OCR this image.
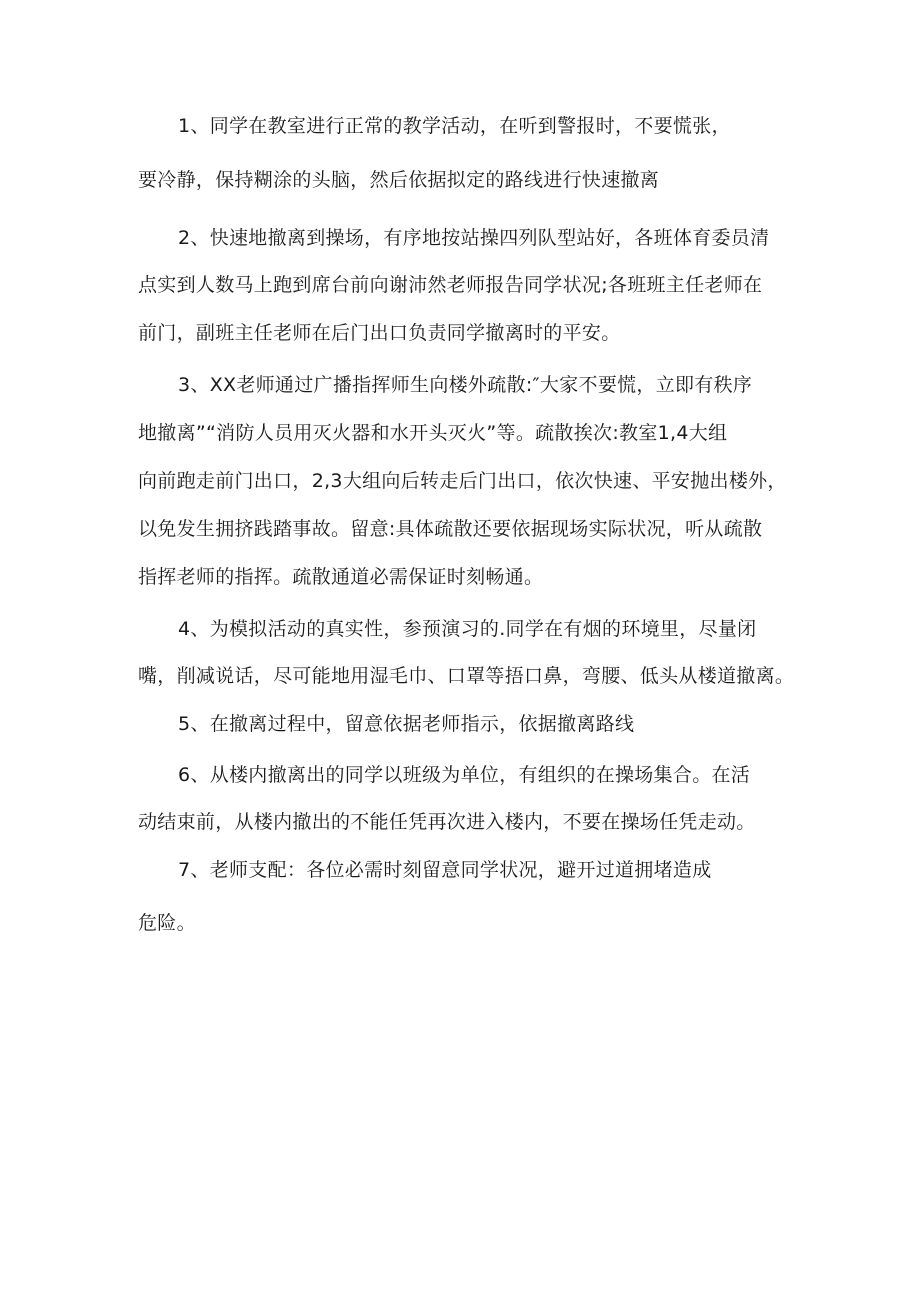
1、同学在教室进行正常的教学活动，在听到警报时，不要慌张，
要冷静，保持糊涂的头脑，然后依据拟定的路线进行快速撤离
2、快速地撤离到操场，有序地按站操四列队型站好，各班体育委员清
点实到人数马上跑到席台前向谢沛然老师报告同学状况;各班班主任老师在
前门，副班主任老师在后门出口负责同学撤离时的平安。
3、XX老师通过广播指挥师生向楼外疏散:″大家不要慌，立即有秩序
地撤离”“消防人员用灭火器和水开头灭火”等。疏散挨次:教室1,4大组
向前跑走前门出口，2,3大组向后转走后门出口，依次快速、平安抛出楼外，
以免发生拥挤践踏事故。留意:具体疏散还要依据现场实际状况，听从疏散
指挥老师的指挥。疏散通道必需保证时刻畅通。
4、为模拟活动的真实性，参预演习的.同学在有烟的环境里，尽量闭
嘴，削减说话，尽可能地用湿毛巾、口罩等捂口鼻，弯腰、低头从楼道撤离。
5、在撤离过程中，留意依据老师指示，依据撤离路线
6、从楼内撤离出的同学以班级为单位，有组织的在操场集合。在活
动结束前，从楼内撤出的不能任凭再次进入楼内，不要在操场任凭走动。
7、老师支配：各位必需时刻留意同学状况，避开过道拥堵造成
危险。
